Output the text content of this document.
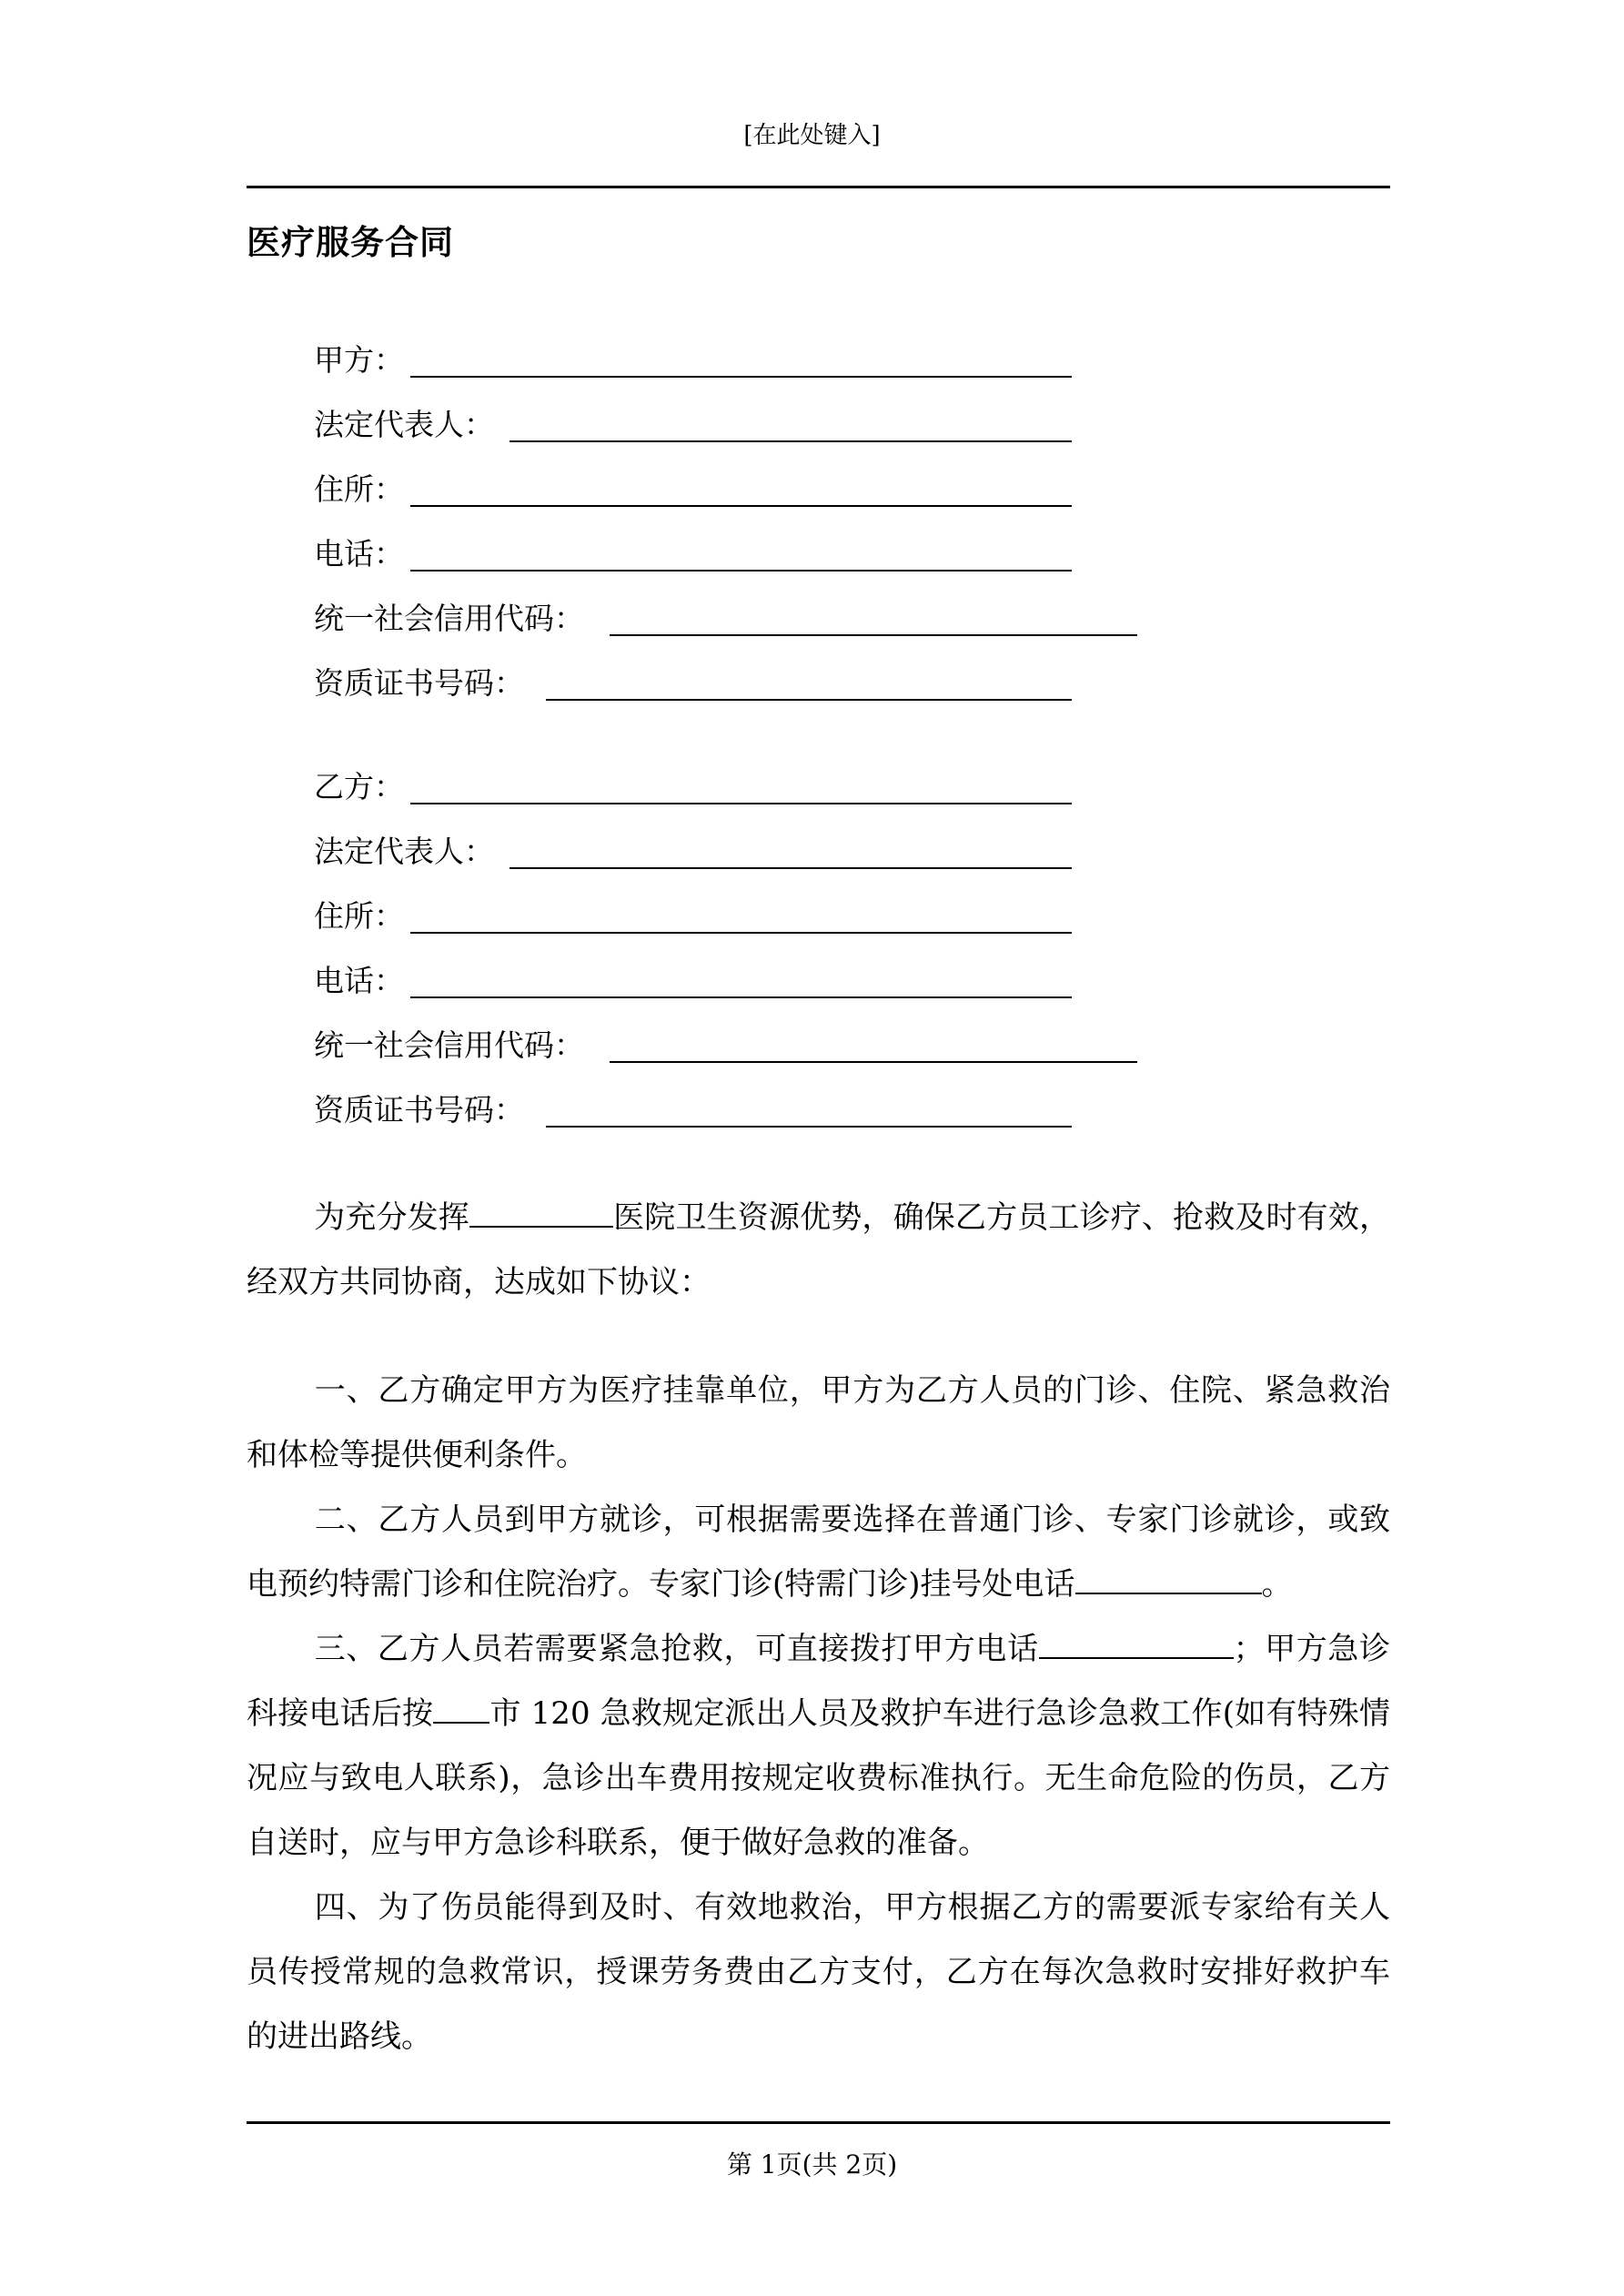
[在此处键入]
医疗服务合同
甲方：
法定代表人：
住所：
电话：
统一社会信用代码：
资质证书号码：
乙方：
法定代表人：
住所：
电话：
统一社会信用代码：
资质证书号码：
为充分发挥	医院卫生资源优势，确保乙方员工诊疗、抢救及时有效，经双方共同协商，达成如下协议：
一、乙方确定甲方为医疗挂靠单位，甲方为乙方人员的门诊、住院、紧急救治和体检等提供便利条件。
二、乙方人员到甲方就诊，可根据需要选择在普通门诊、专家门诊就诊，或致电预约特需门诊和住院治疗。专家门诊(特需门诊)挂号处电话	。
三、乙方人员若需要紧急抢救，可直接拨打甲方电话	；甲方急诊科接电话后按 市 120 急救规定派出人员及救护车进行急诊急救工作(如有特殊情况应与致电人联系)，急诊出车费用按规定收费标准执行。无生命危险的伤员，乙方自送时，应与甲方急诊科联系，便于做好急救的准备。
四、为了伤员能得到及时、有效地救治，甲方根据乙方的需要派专家给有关人员传授常规的急救常识，授课劳务费由乙方支付，乙方在每次急救时安排好救护车的进出路线。
第 1页(共 2页)
